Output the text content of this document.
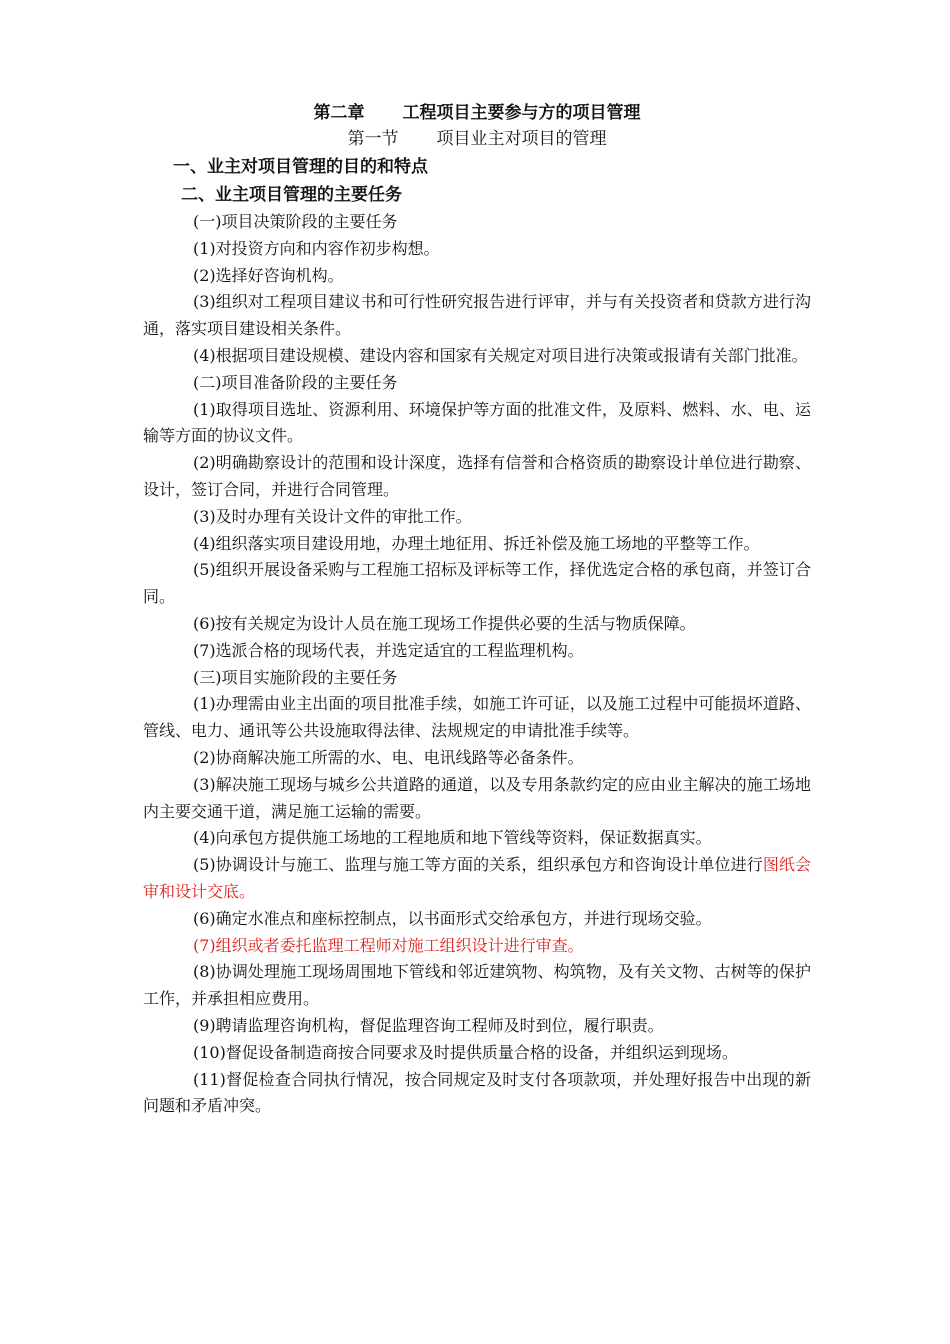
第二章 工程项目主要参与方的项目管理

第一节 项目业主对项目的管理

一、业主对项目管理的目的和特点

二、业主项目管理的主要任务

(一)项目决策阶段的主要任务

(1)对投资方向和内容作初步构想。

(2)选择好咨询机构。

(3)组织对工程项目建议书和可行性研究报告进行评审，并与有关投资者和贷款方进行沟通，落实项目建设相关条件。

(4)根据项目建设规模、建设内容和国家有关规定对项目进行决策或报请有关部门批准。

(二)项目准备阶段的主要任务

(1)取得项目选址、资源利用、环境保护等方面的批准文件，及原料、燃料、水、电、运输等方面的协议文件。

(2)明确勘察设计的范围和设计深度，选择有信誉和合格资质的勘察设计单位进行勘察、设计，签订合同，并进行合同管理。

(3)及时办理有关设计文件的审批工作。

(4)组织落实项目建设用地，办理土地征用、拆迁补偿及施工场地的平整等工作。

(5)组织开展设备采购与工程施工招标及评标等工作，择优选定合格的承包商，并签订合同。

(6)按有关规定为设计人员在施工现场工作提供必要的生活与物质保障。

(7)选派合格的现场代表，并选定适宜的工程监理机构。

(三)项目实施阶段的主要任务

(1)办理需由业主出面的项目批准手续，如施工许可证，以及施工过程中可能损坏道路、管线、电力、通讯等公共设施取得法律、法规规定的申请批准手续等。

(2)协商解决施工所需的水、电、电讯线路等必备条件。

(3)解决施工现场与城乡公共道路的通道，以及专用条款约定的应由业主解决的施工场地内主要交通干道，满足施工运输的需要。

(4)向承包方提供施工场地的工程地质和地下管线等资料，保证数据真实。

(5)协调设计与施工、监理与施工等方面的关系，组织承包方和咨询设计单位进行图纸会审和设计交底。

(6)确定水准点和座标控制点，以书面形式交给承包方，并进行现场交验。

(7)组织或者委托监理工程师对施工组织设计进行审查。

(8)协调处理施工现场周围地下管线和邻近建筑物、构筑物，及有关文物、古树等的保护工作，并承担相应费用。

(9)聘请监理咨询机构，督促监理咨询工程师及时到位，履行职责。

(10)督促设备制造商按合同要求及时提供质量合格的设备，并组织运到现场。

(11)督促检查合同执行情况，按合同规定及时支付各项款项，并处理好报告中出现的新问题和矛盾冲突。
